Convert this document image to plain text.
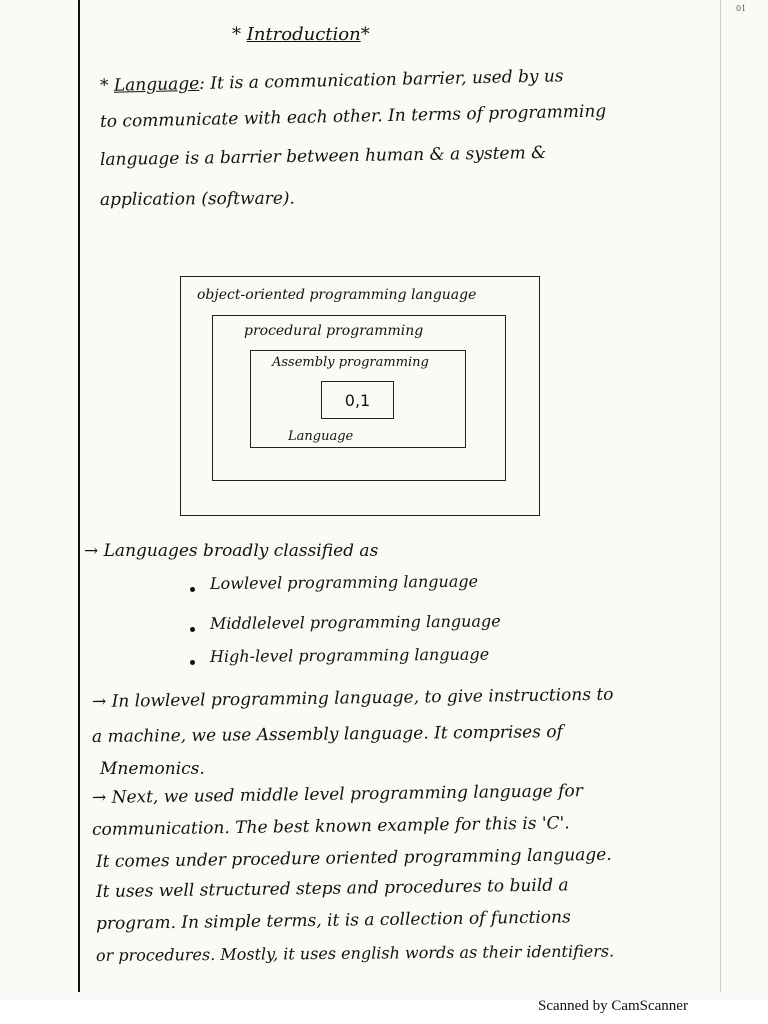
01
* Introduction*
* Language: It is a communication barrier, used by us
to communicate with each other. In terms of programming
language is a barrier between human & a system &
application (software).
object-oriented programming language
procedural programming
Assembly programming
0,1
Language
→ Languages broadly classified as
Lowlevel programming language
Middlelevel programming language
High-level programming language
→ In lowlevel programming language, to give instructions to
a machine, we use Assembly language. It comprises of
Mnemonics.
→ Next, we used middle level programming language for
communication. The best known example for this is 'C'.
It comes under procedure oriented programming language.
It uses well structured steps and procedures to build a
program. In simple terms, it is a collection of functions
or procedures. Mostly, it uses english words as their identifiers.
Scanned by CamScanner
